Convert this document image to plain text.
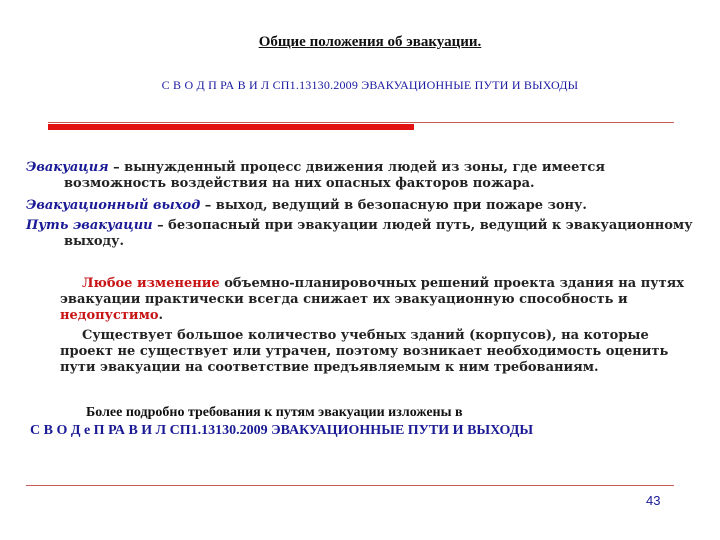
Общие положения об эвакуации.
С В О Д П РА В И Л СП1.13130.2009 ЭВАКУАЦИОННЫЕ ПУТИ И ВЫХОДЫ
Эвакуация – вынужденный процесс движения людей из зоны, где имеется
возможность воздействия на них опасных факторов пожара.
Эвакуационный выход – выход, ведущий в безопасную при пожаре зону.
Путь эвакуации – безопасный при эвакуации людей путь, ведущий к эвакуационному
выходу.
Любое изменение объемно-планировочных решений проекта здания на путях
эвакуации практически всегда снижает их эвакуационную способность и
недопустимо.
Существует большое количество учебных зданий (корпусов), на которые
проект не существует или утрачен, поэтому возникает необходимость оценить
пути эвакуации на соответствие предъявляемым к ним требованиям.
Более подробно требования к путям эвакуации изложены в
С В О Д е П РА В И Л СП1.13130.2009 ЭВАКУАЦИОННЫЕ ПУТИ И ВЫХОДЫ
43
